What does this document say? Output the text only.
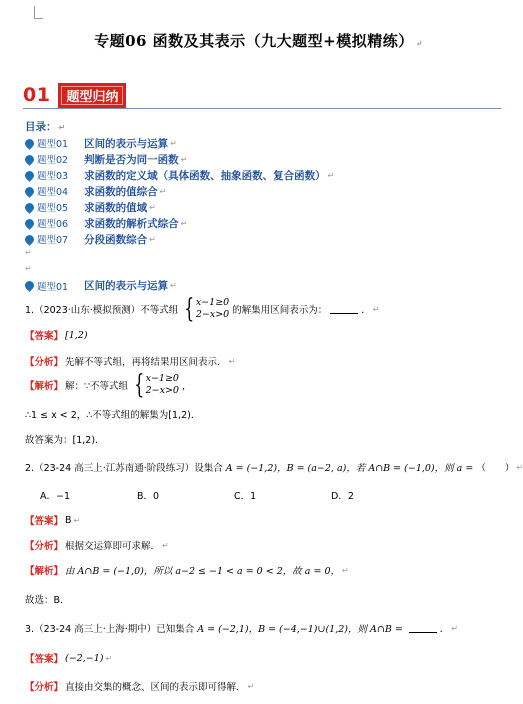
专题06 函数及其表示（九大题型+模拟精练） ↵
01	题型归纳
目录： ↵
题型01 区间的表示与运算 ↵
题型02 判断是否为同一函数 ↵
题型03 求函数的定义域（具体函数、抽象函数、复合函数） ↵
题型04 求函数的值综合 ↵
题型05 求函数的值域 ↵
题型06 求函数的解析式综合 ↵
题型07 分段函数综合 ↵
↵
↵
题型01 区间的表示与运算 ↵
1.（2023·山东·模拟预测）不等式组 { x−1≥0
2−x>0 的解集用区间表示为：	． ↵
【答案】 [1,2)
【分析】 先解不等式组，再将结果用区间表示． ↵
【解析】 解：∵不等式组 { x−1≥0
2−x>0 ，
∴1 ≤ x < 2，∴不等式组的解集为[1,2)．
故答案为：[1,2)．
2.（23-24 高三上·江苏南通·阶段练习）设集合 A = (−1,2)，B = (a−2, a)，若 A∩B = (−1,0)，则 a = （　　） ↵
A．−1	B．0	C．1	D．2
【答案】 B ↵
【分析】 根据交运算即可求解． ↵
【解析】 由 A∩B = (−1,0)，所以 a−2 ≤ −1 < a = 0 < 2，故 a = 0， ↵
故选：B．
3.（23-24 高三上·上海·期中）已知集合 A = (−2,1)，B = (−4,−1)∪(1,2)，则 A∩B =	． ↵
【答案】 (−2,−1) ↵
【分析】 直接由交集的概念、区间的表示即可得解． ↵
